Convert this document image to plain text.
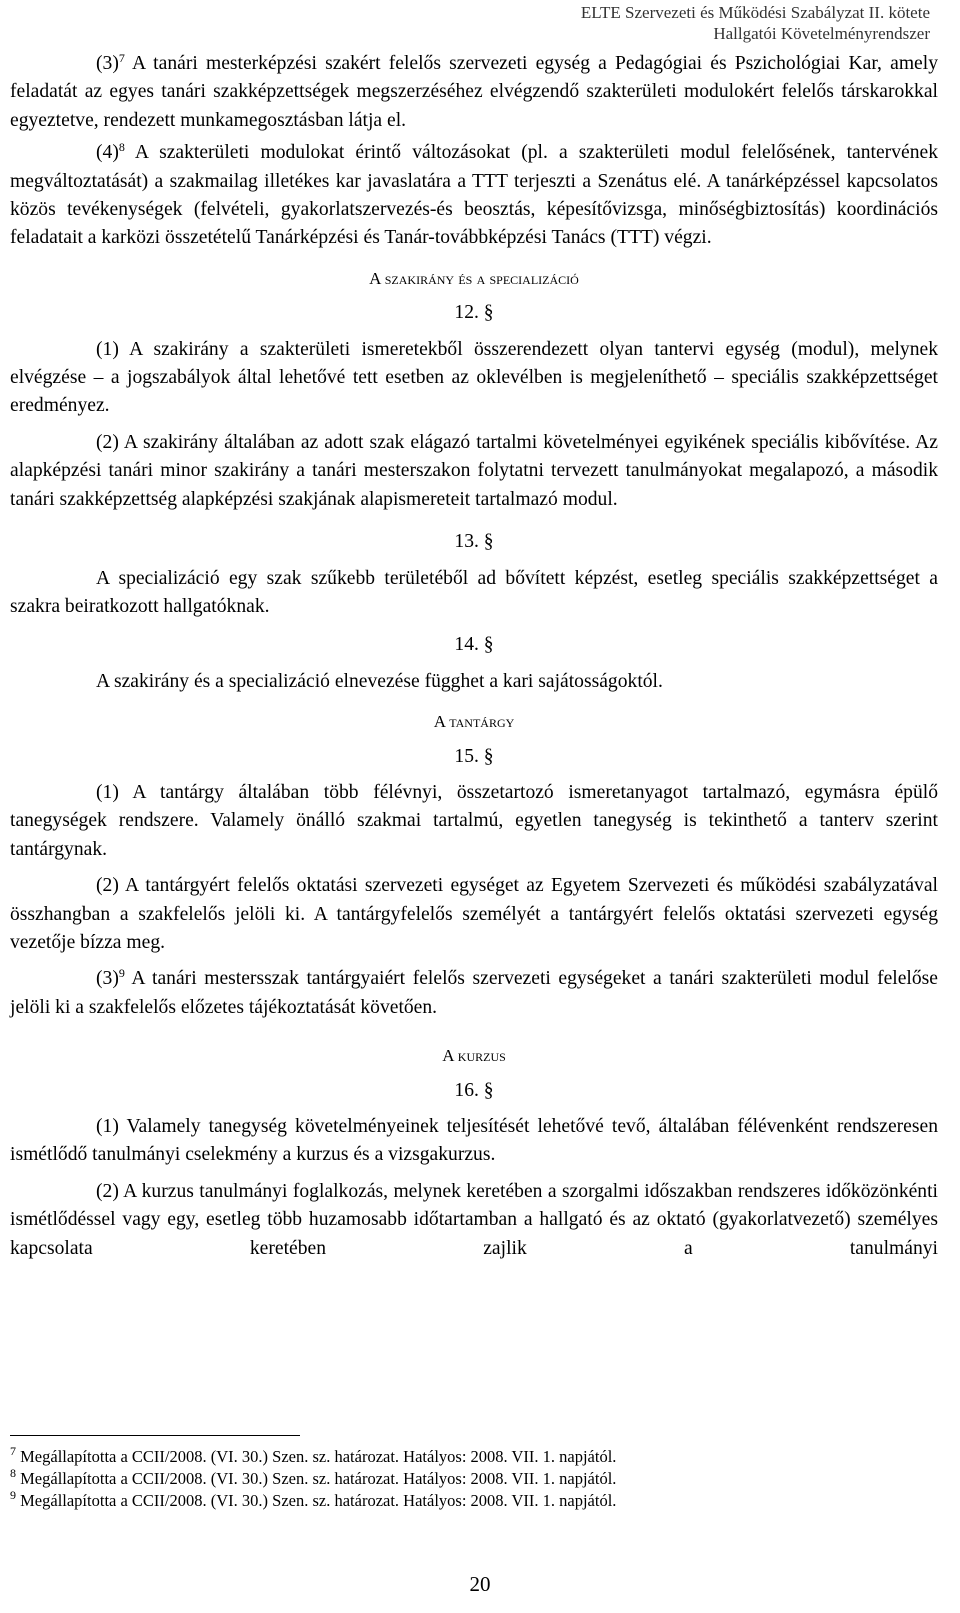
ELTE Szervezeti és Működési Szabályzat II. kötete
Hallgatói Követelményrendszer

$(3)^7$ A tanári mesterképzési szakért felelős szervezeti egység a Pedagógiai és Pszichológiai Kar, amely feladatát az egyes tanári szakképzettségek megszerzéséhez elvégzendő szakterületi modulokért felelős társkarokkal egyeztetve, rendezett munkamegosztásban látja el.

$(4)^8$ A szakterületi modulokat érintő változásokat (pl. a szakterületi modul felelősének, tantervének megváltoztatását) a szakmailag illetékes kar javaslatára a TTT terjeszti a Szenátus elé. A tanárképzéssel kapcsolatos közös tevékenységek (felvételi, gyakorlatszervezés-és beosztás, képesítővizsga, minőségbiztosítás) koordinációs feladatait a karközi összetételű Tanárképzési és Tanár-továbbképzési Tanács (TTT) végzi.

A szakirány és a specializáció

12. §

(1) A szakirány a szakterületi ismeretekből összerendezett olyan tantervi egység (modul), melynek elvégzése – a jogszabályok által lehetővé tett esetben az oklevélben is megjeleníthető – speciális szakképzettséget eredményez.

(2) A szakirány általában az adott szak elágazó tartalmi követelményei egyikének speciális kibővítése. Az alapképzési tanári minor szakirány a tanári mesterszakon folytatni tervezett tanulmányokat megalapozó, a második tanári szakképzettség alapképzési szakjának alapismereteit tartalmazó modul.

13. §

A specializáció egy szak szűkebb területéből ad bővített képzést, esetleg speciális szakképzettséget a szakra beiratkozott hallgatóknak.

14. §

A szakirány és a specializáció elnevezése függhet a kari sajátosságoktól.

A tantárgy

15. §

(1) A tantárgy általában több félévnyi, összetartozó ismeretanyagot tartalmazó, egymásra épülő tanegységek rendszere. Valamely önálló szakmai tartalmú, egyetlen tanegység is tekinthető a tanterv szerint tantárgynak.

(2) A tantárgyért felelős oktatási szervezeti egységet az Egyetem Szervezeti és működési szabályzatával összhangban a szakfelelős jelöli ki. A tantárgyfelelős személyét a tantárgyért felelős oktatási szervezeti egység vezetője bízza meg.

$(3)^9$ A tanári mestersszak tantárgyaiért felelős szervezeti egységeket a tanári szakterületi modul felelőse jelöli ki a szakfelelős előzetes tájékoztatását követően.

A kurzus

16. §

(1) Valamely tanegység követelményeinek teljesítését lehetővé tevő, általában félévenként rendszeresen ismétlődő tanulmányi cselekmény a kurzus és a vizsgakurzus.

(2) A kurzus tanulmányi foglalkozás, melynek keretében a szorgalmi időszakban rendszeres időközönkénti ismétlődéssel vagy egy, esetleg több huzamosabb időtartamban a hallgató és az oktató (gyakorlatvezető) személyes kapcsolata keretében zajlik a tanulmányi

$^7$ Megállapította a CCII/2008. (VI. 30.) Szen. sz. határozat. Hatályos: 2008. VII. 1. napjától.
$^8$ Megállapította a CCII/2008. (VI. 30.) Szen. sz. határozat. Hatályos: 2008. VII. 1. napjától.
$^9$ Megállapította a CCII/2008. (VI. 30.) Szen. sz. határozat. Hatályos: 2008. VII. 1. napjától.
20
